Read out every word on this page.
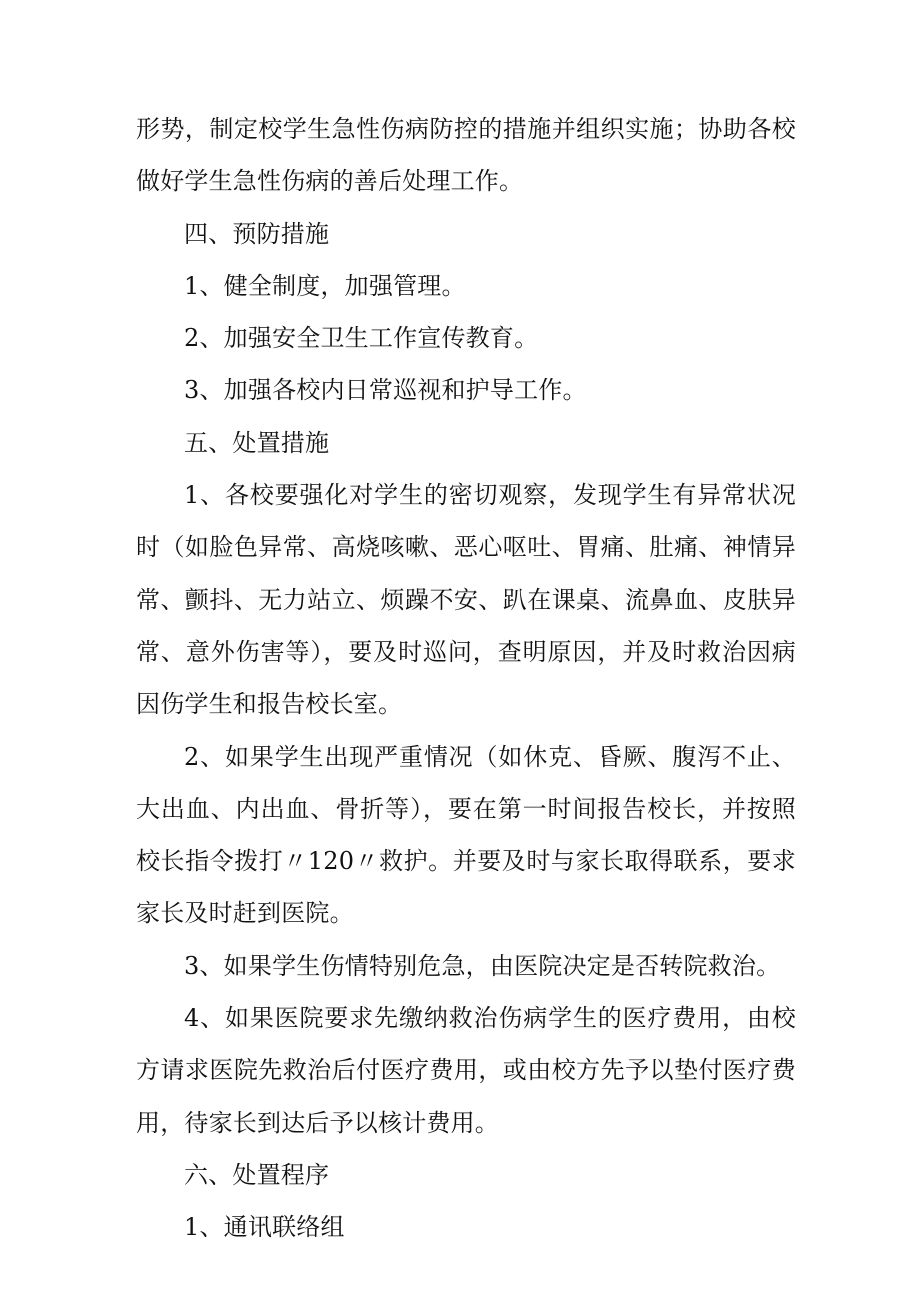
形势，制定校学生急性伤病防控的措施并组织实施；协助各校做好学生急性伤病的善后处理工作。

四、预防措施

1、健全制度，加强管理。

2、加强安全卫生工作宣传教育。

3、加强各校内日常巡视和护导工作。

五、处置措施

1、各校要强化对学生的密切观察，发现学生有异常状况时（如脸色异常、高烧咳嗽、恶心呕吐、胃痛、肚痛、神情异常、颤抖、无力站立、烦躁不安、趴在课桌、流鼻血、皮肤异常、意外伤害等），要及时巡问，查明原因，并及时救治因病因伤学生和报告校长室。

2、如果学生出现严重情况（如休克、昏厥、腹泻不止、大出血、内出血、骨折等），要在第一时间报告校长，并按照校长指令拨打〃120〃救护。并要及时与家长取得联系，要求家长及时赶到医院。

3、如果学生伤情特别危急，由医院决定是否转院救治。

4、如果医院要求先缴纳救治伤病学生的医疗费用，由校方请求医院先救治后付医疗费用，或由校方先予以垫付医疗费用，待家长到达后予以核计费用。

六、处置程序

1、通讯联络组
